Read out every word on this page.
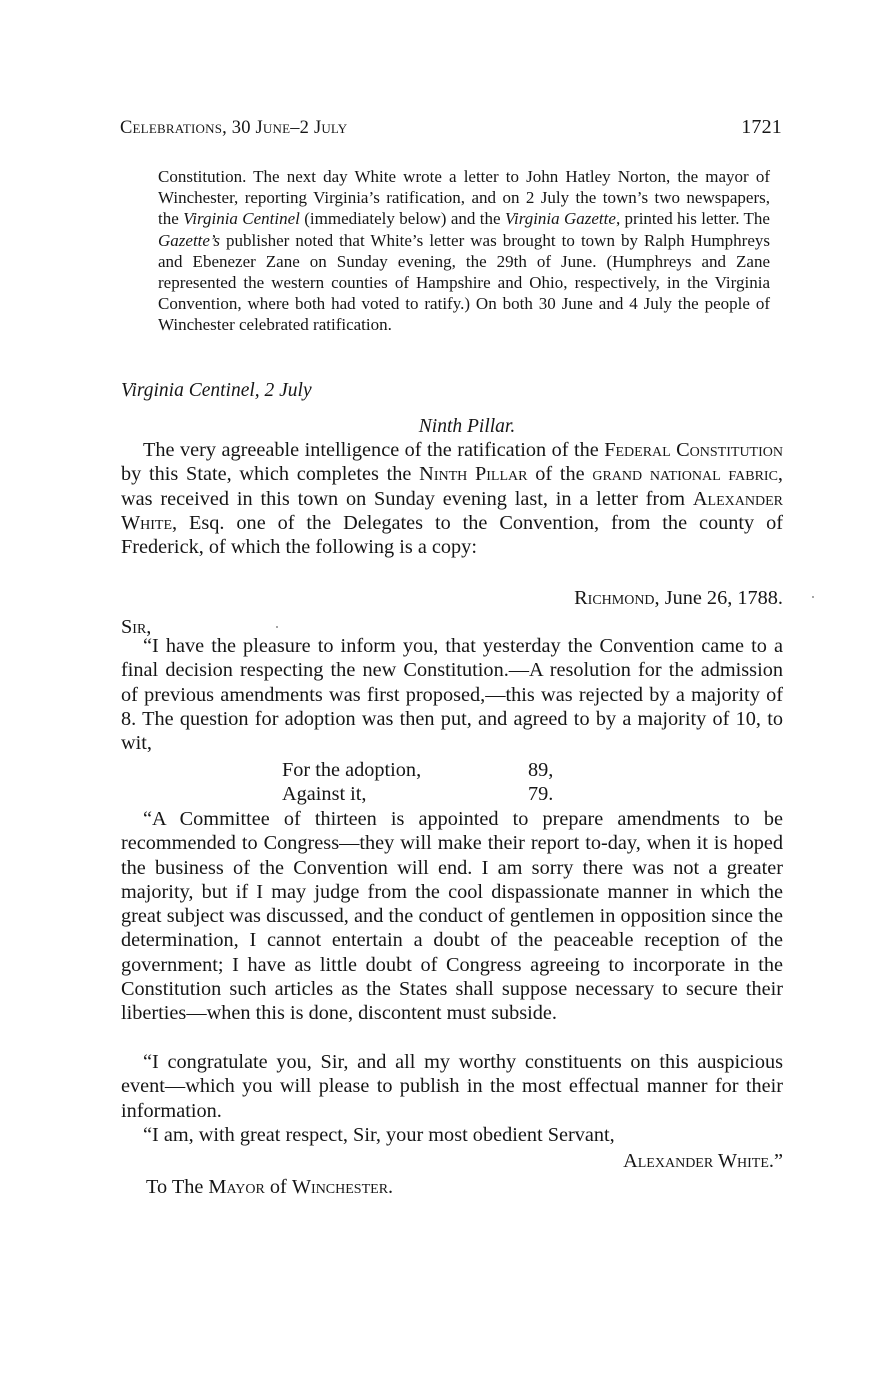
Celebrations, 30 June–2 July	1721

Constitution. The next day White wrote a letter to John Hatley Norton, the mayor of Winchester, reporting Virginia’s ratification, and on 2 July the town’s two newspapers, the Virginia Centinel (immediately below) and the Virginia Gazette, printed his letter. The Gazette’s publisher noted that White’s letter was brought to town by Ralph Humphreys and Ebenezer Zane on Sunday evening, the 29th of June. (Humphreys and Zane represented the western counties of Hampshire and Ohio, respectively, in the Virginia Convention, where both had voted to ratify.) On both 30 June and 4 July the people of Winchester celebrated ratification.

Virginia Centinel, 2 July
Ninth Pillar.

The very agreeable intelligence of the ratification of the Federal Constitution by this State, which completes the Ninth Pillar of the grand national fabric, was received in this town on Sunday evening last, in a letter from Alexander White, Esq. one of the Delegates to the Convention, from the county of Frederick, of which the following is a copy:

Richmond, June 26, 1788.
Sir,

“I have the pleasure to inform you, that yesterday the Convention came to a final decision respecting the new Constitution.—A resolution for the admission of previous amendments was first proposed,—this was rejected by a majority of 8. The question for adoption was then put, and agreed to by a majority of 10, to wit,

For the adoption,	89,
Against it,	79.

“A Committee of thirteen is appointed to prepare amendments to be recommended to Congress—they will make their report to-day, when it is hoped the business of the Convention will end. I am sorry there was not a greater majority, but if I may judge from the cool dispassionate manner in which the great subject was discussed, and the conduct of gentlemen in opposition since the determination, I cannot entertain a doubt of the peaceable reception of the government; I have as little doubt of Congress agreeing to incorporate in the Constitution such articles as the States shall suppose necessary to secure their liberties—when this is done, discontent must subside.

“I congratulate you, Sir, and all my worthy constituents on this auspicious event—which you will please to publish in the most effectual manner for their information.

“I am, with great respect, Sir, your most obedient Servant,
Alexander White.”
To The Mayor of Winchester.
